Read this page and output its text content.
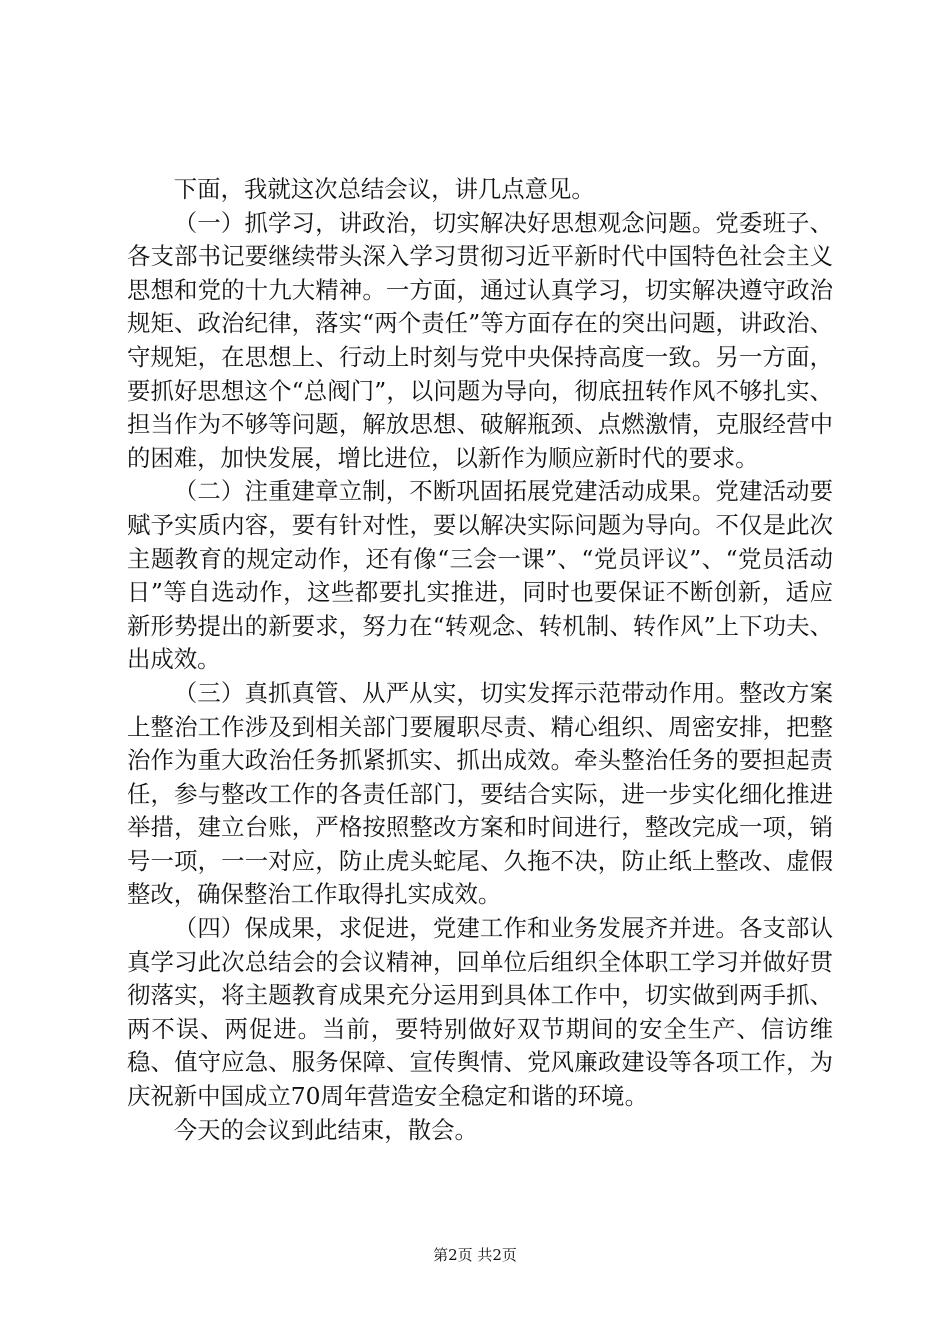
下面，我就这次总结会议，讲几点意见。

（一）抓学习，讲政治，切实解决好思想观念问题。党委班子、各支部书记要继续带头深入学习贯彻习近平新时代中国特色社会主义思想和党的十九大精神。一方面，通过认真学习，切实解决遵守政治规矩、政治纪律，落实“两个责任”等方面存在的突出问题，讲政治、守规矩，在思想上、行动上时刻与党中央保持高度一致。另一方面，要抓好思想这个“总阀门”，以问题为导向，彻底扭转作风不够扎实、担当作为不够等问题，解放思想、破解瓶颈、点燃激情，克服经营中的困难，加快发展，增比进位，以新作为顺应新时代的要求。

（二）注重建章立制，不断巩固拓展党建活动成果。党建活动要赋予实质内容，要有针对性，要以解决实际问题为导向。不仅是此次主题教育的规定动作，还有像“三会一课”、“党员评议”、“党员活动日”等自选动作，这些都要扎实推进，同时也要保证不断创新，适应新形势提出的新要求，努力在“转观念、转机制、转作风”上下功夫、出成效。

（三）真抓真管、从严从实，切实发挥示范带动作用。整改方案上整治工作涉及到相关部门要履职尽责、精心组织、周密安排，把整治作为重大政治任务抓紧抓实、抓出成效。牵头整治任务的要担起责任，参与整改工作的各责任部门，要结合实际，进一步实化细化推进举措，建立台账，严格按照整改方案和时间进行，整改完成一项，销号一项，一一对应，防止虎头蛇尾、久拖不决，防止纸上整改、虚假整改，确保整治工作取得扎实成效。

（四）保成果，求促进，党建工作和业务发展齐并进。各支部认真学习此次总结会的会议精神，回单位后组织全体职工学习并做好贯彻落实，将主题教育成果充分运用到具体工作中，切实做到两手抓、两不误、两促进。当前，要特别做好双节期间的安全生产、信访维稳、值守应急、服务保障、宣传舆情、党风廉政建设等各项工作，为庆祝新中国成立70周年营造安全稳定和谐的环境。

今天的会议到此结束，散会。

第2页 共2页
